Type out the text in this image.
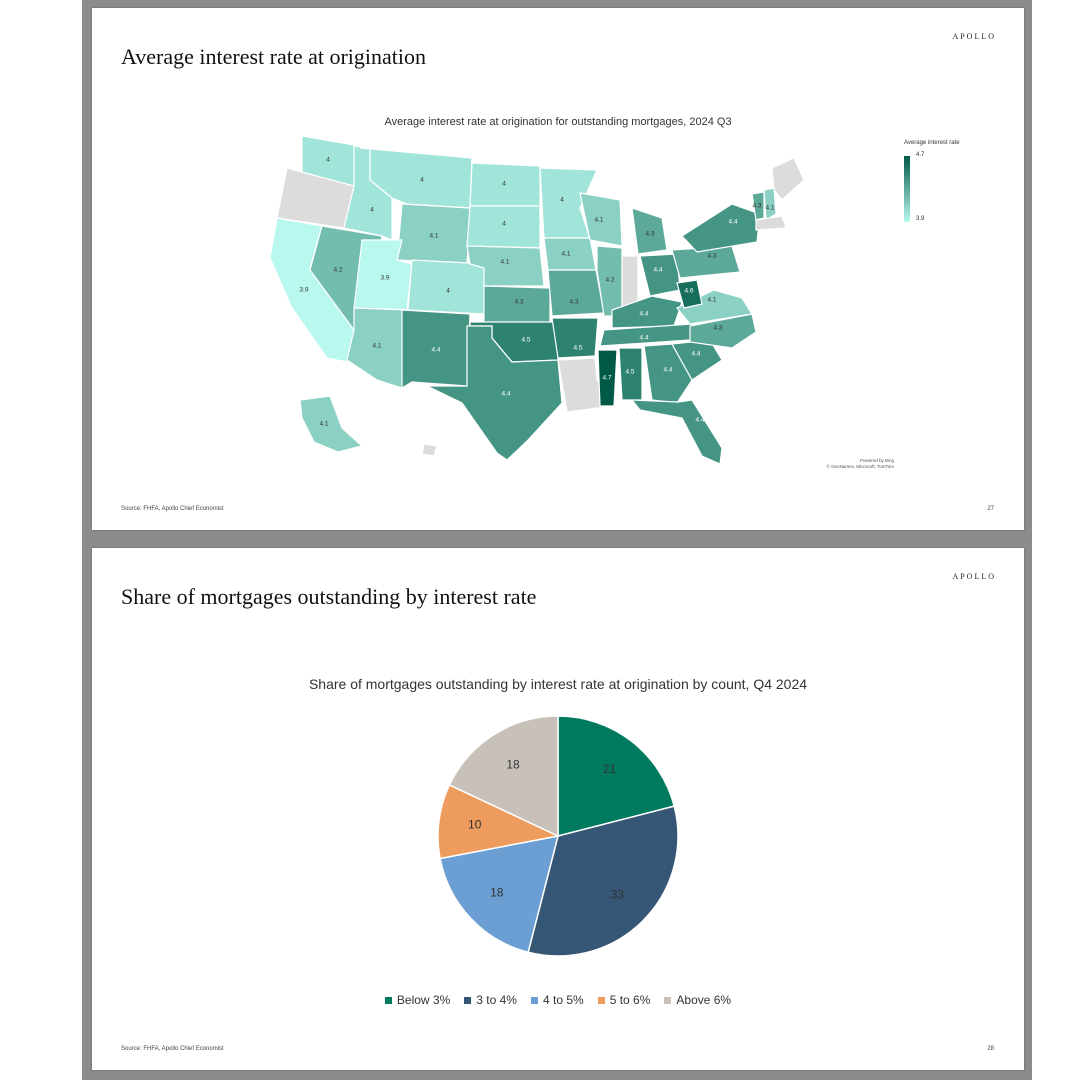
APOLLO
Average interest rate at origination
Average interest rate at origination for outstanding mortgages, 2024 Q3
4
3.9
4.2
4
4
4.1
3.9
4
4.1
4.4
4
4
4.1
4.3
4.5
4.4
4
4.1
4.3
4.5
4.1
4.2
4.3
4.4
4.4
4.4
4.7
4.5	4.4
4.4
4.4
4.3
4.1
4.6
4.3
4.4
4.3 4.1
4.1
Average interest rate
4.7
3.9
Powered by Bing
© GeoNames, Microsoft, TomTom
Source: FHFA, Apollo Chief Economist	27
APOLLO
Share of mortgages outstanding by interest rate
Share of mortgages outstanding by interest rate at origination by count, Q4 2024
21
33
18
10
18
Below 3% 3 to 4% 4 to 5% 5 to 6% Above 6%
Source: FHFA, Apollo Chief Economist	28
